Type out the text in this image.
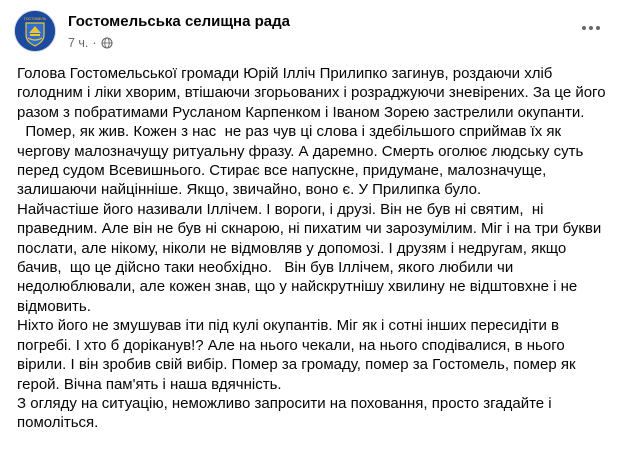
ГОСТОМЕЛЬ Гостомельська селищна рада
7 ч. ·

Голова Гостомельської громади Юрій Ілліч Прилипко загинув, роздаючи хліб голодним і ліки хворим, втішаючи згорьованих і розраджуючи зневірених. За це його разом з побратимами Русланом Карпенком і Іваном Зорею застрелили окупанти.

Помер, як жив. Кожен з нас  не раз чув ці слова і здебільшого сприймав їх як чергову малозначущу ритуальну фразу. А даремно. Смерть оголює людську суть перед судом Всевишнього. Стирає все напускне, придумане, малозначуще, залишаючи найцінніше. Якщо, звичайно, воно є. У Прилипка було.

Найчастіше його називали Іллічем. І вороги, і друзі. Він не був ні святим,  ні праведним. Але він не був ні скнарою, ні пихатим чи зарозумілим. Міг і на три букви послати, але нікому, ніколи не відмовляв у допомозі. І друзям і недругам, якщо бачив,  що це дійсно таки необхідно.   Він був Іллічем, якого любили чи недолюблювали, але кожен знав, що у найскрутнішу хвилину не відштовхне і не відмовить.

Ніхто його не змушував іти під кулі окупантів. Міг як і сотні інших пересидіти в погребі. І хто б доріканув!? Але на нього чекали, на нього сподівалися, в нього вірили. І він зробив свій вибір. Помер за громаду, помер за Гостомель, помер як герой. Вічна пам'ять і наша вдячність.

З огляду на ситуацію, неможливо запросити на поховання, просто згадайте і помоліться.
